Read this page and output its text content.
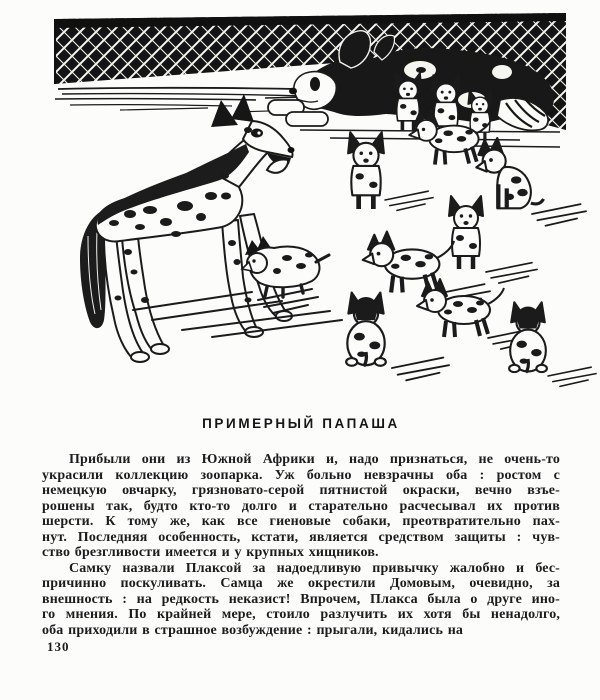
ПРИМЕРНЫЙ ПАПАША
Прибыли они из Южной Африки и, надо признаться, не очень-то
украсили коллекцию зоопарка. Уж больно невзрачны оба : ростом с
немецкую овчарку, грязновато-серой пятнистой окраски, вечно взъе-
рошены так, будто кто-то долго и старательно расчесывал их против
шерсти. К тому же, как все гиеновые собаки, преотвратительно пах-
нут. Последняя особенность, кстати, является средством защиты : чув-
ство брезгливости имеется и у крупных хищников.
Самку назвали Плаксой за надоедливую привычку жалобно и бес-
причинно поскуливать. Самца же окрестили Домовым, очевидно, за
внешность : на редкость неказист! Впрочем, Плакса была о друге ино-
го мнения. По крайней мере, стоило разлучить их хотя бы ненадолго,
оба приходили в страшное возбуждение : прыгали, кидались на
130
